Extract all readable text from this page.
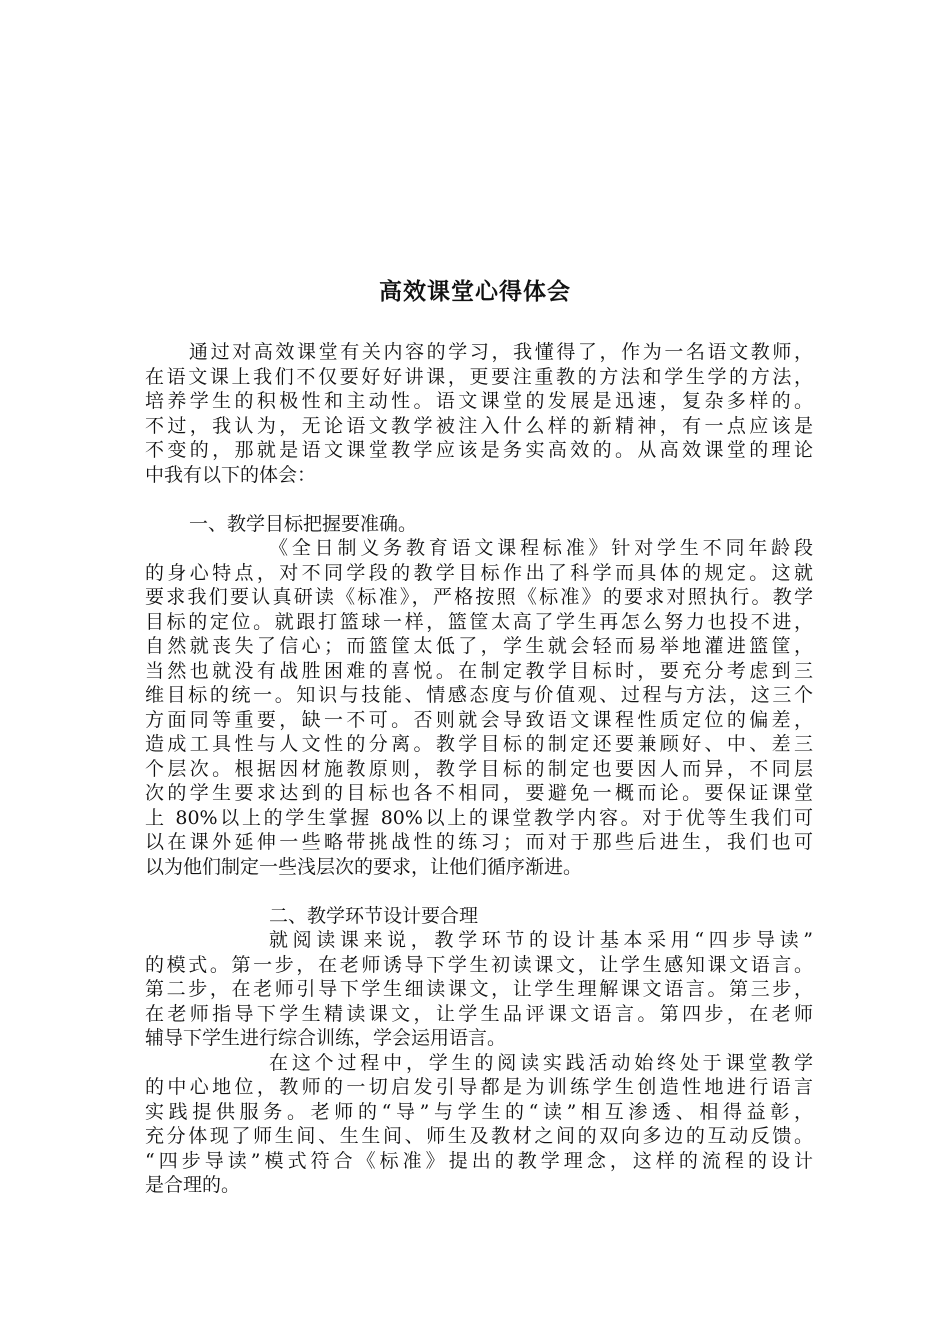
高效课堂心得体会
通过对高效课堂有关内容的学习，我懂得了，作为一名语文教师，
在语文课上我们不仅要好好讲课，更要注重教的方法和学生学的方法，
培养学生的积极性和主动性。语文课堂的发展是迅速，复杂多样的。
不过，我认为，无论语文教学被注入什么样的新精神，有一点应该是
不变的，那就是语文课堂教学应该是务实高效的。从高效课堂的理论
中我有以下的体会：
一、教学目标把握要准确。
《全日制义务教育语文课程标准》针对学生不同年龄段
的身心特点，对不同学段的教学目标作出了科学而具体的规定。这就
要求我们要认真研读《标准》，严格按照《标准》的要求对照执行。教学
目标的定位。就跟打篮球一样，篮筐太高了学生再怎么努力也投不进，
自然就丧失了信心；而篮筐太低了，学生就会轻而易举地灌进篮筐，
当然也就没有战胜困难的喜悦。在制定教学目标时，要充分考虑到三
维目标的统一。知识与技能、情感态度与价值观、过程与方法，这三个
方面同等重要，缺一不可。否则就会导致语文课程性质定位的偏差，
造成工具性与人文性的分离。教学目标的制定还要兼顾好、中、差三
个层次。根据因材施教原则，教学目标的制定也要因人而异，不同层
次的学生要求达到的目标也各不相同，要避免一概而论。要保证课堂
上 80%以上的学生掌握 80%以上的课堂教学内容。对于优等生我们可
以在课外延伸一些略带挑战性的练习；而对于那些后进生，我们也可
以为他们制定一些浅层次的要求，让他们循序渐进。
二、教学环节设计要合理
就阅读课来说，教学环节的设计基本采用“四步导读”
的模式。第一步，在老师诱导下学生初读课文，让学生感知课文语言。
第二步，在老师引导下学生细读课文，让学生理解课文语言。第三步，
在老师指导下学生精读课文，让学生品评课文语言。第四步，在老师
辅导下学生进行综合训练，学会运用语言。
在这个过程中，学生的阅读实践活动始终处于课堂教学
的中心地位，教师的一切启发引导都是为训练学生创造性地进行语言
实践提供服务。老师的“导”与学生的“读”相互渗透、相得益彰，
充分体现了师生间、生生间、师生及教材之间的双向多边的互动反馈。
“四步导读”模式符合《标准》提出的教学理念，这样的流程的设计
是合理的。
